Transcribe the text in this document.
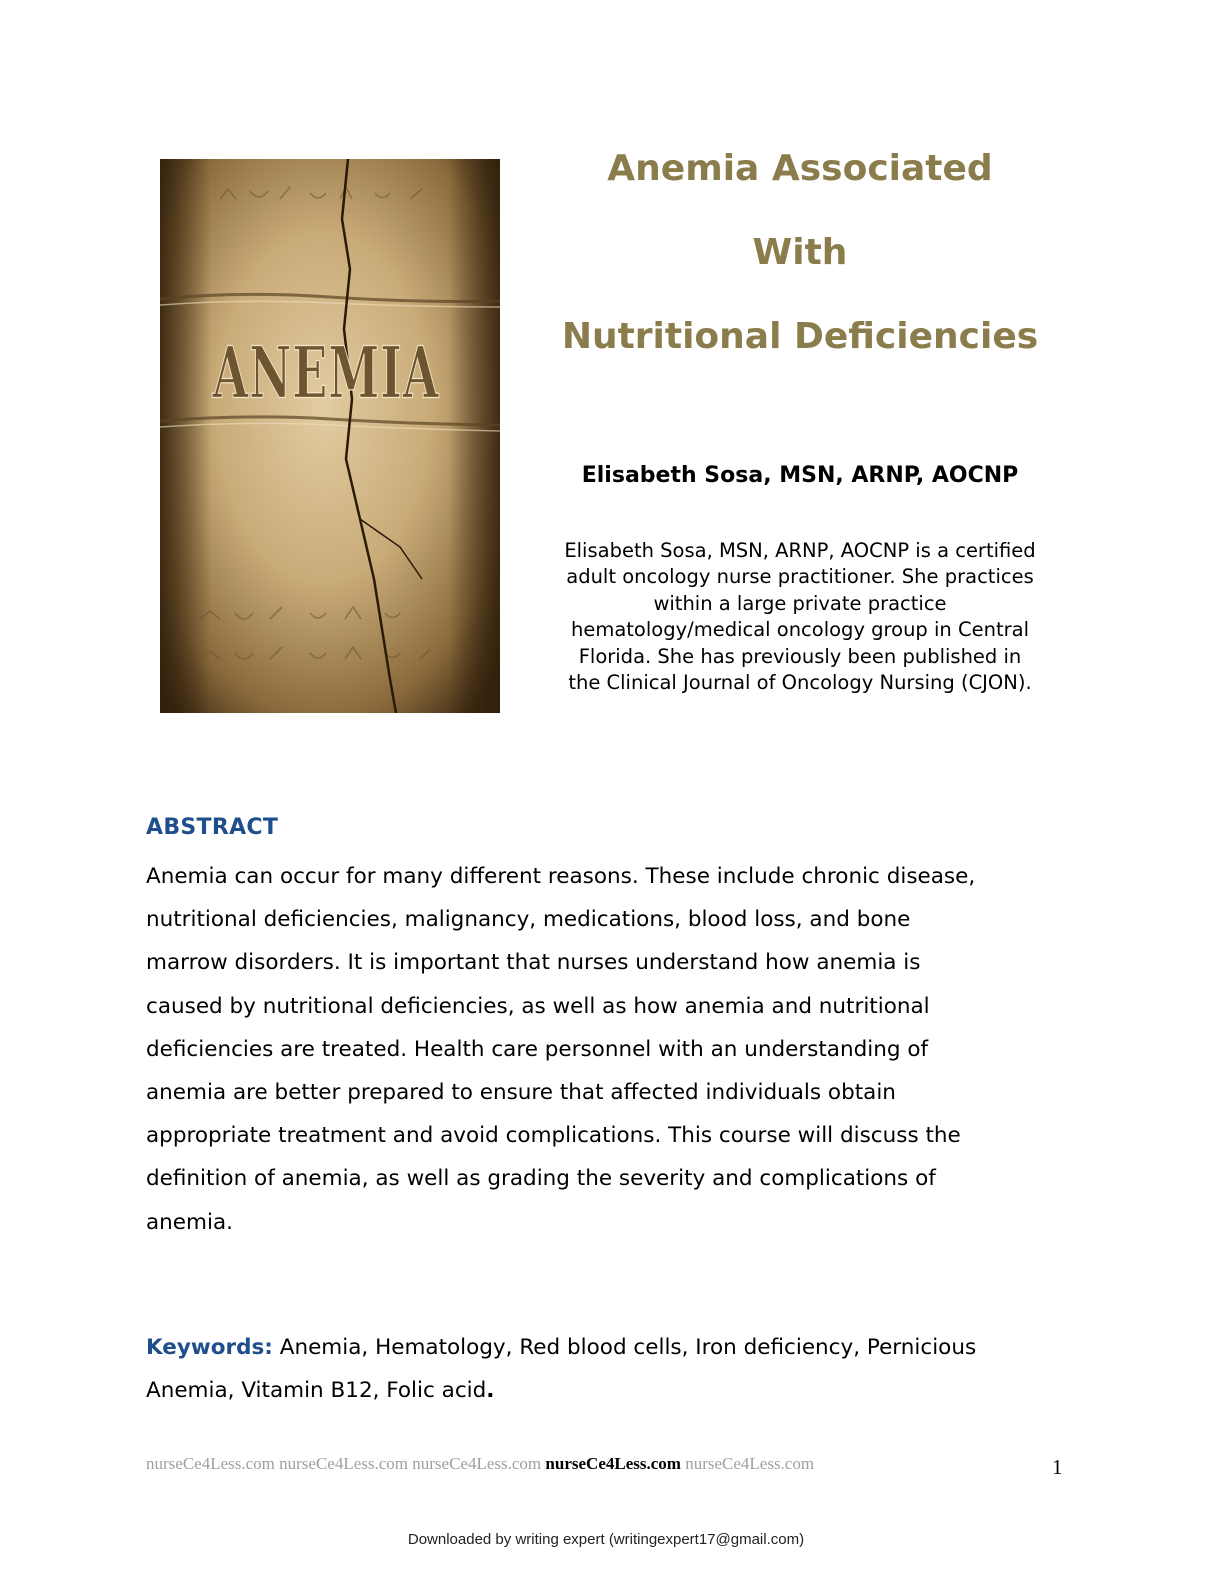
ANEMIA
Anemia Associated
With
Nutritional Deficiencies
Elisabeth Sosa, MSN, ARNP, AOCNP
Elisabeth Sosa, MSN, ARNP, AOCNP is a certified
adult oncology nurse practitioner. She practices
within a large private practice
hematology/medical oncology group in Central
Florida. She has previously been published in
the Clinical Journal of Oncology Nursing (CJON).
ABSTRACT
Anemia can occur for many different reasons. These include chronic disease,
nutritional deficiencies, malignancy, medications, blood loss, and bone
marrow disorders. It is important that nurses understand how anemia is
caused by nutritional deficiencies, as well as how anemia and nutritional
deficiencies are treated. Health care personnel with an understanding of
anemia are better prepared to ensure that affected individuals obtain
appropriate treatment and avoid complications. This course will discuss the
definition of anemia, as well as grading the severity and complications of
anemia.
Keywords: Anemia, Hematology, Red blood cells, Iron deficiency, Pernicious
Anemia, Vitamin B12, Folic acid.
nurseCe4Less.com nurseCe4Less.com nurseCe4Less.com nurseCe4Less.com nurseCe4Less.com	1
Downloaded by writing expert (writingexpert17@gmail.com)
